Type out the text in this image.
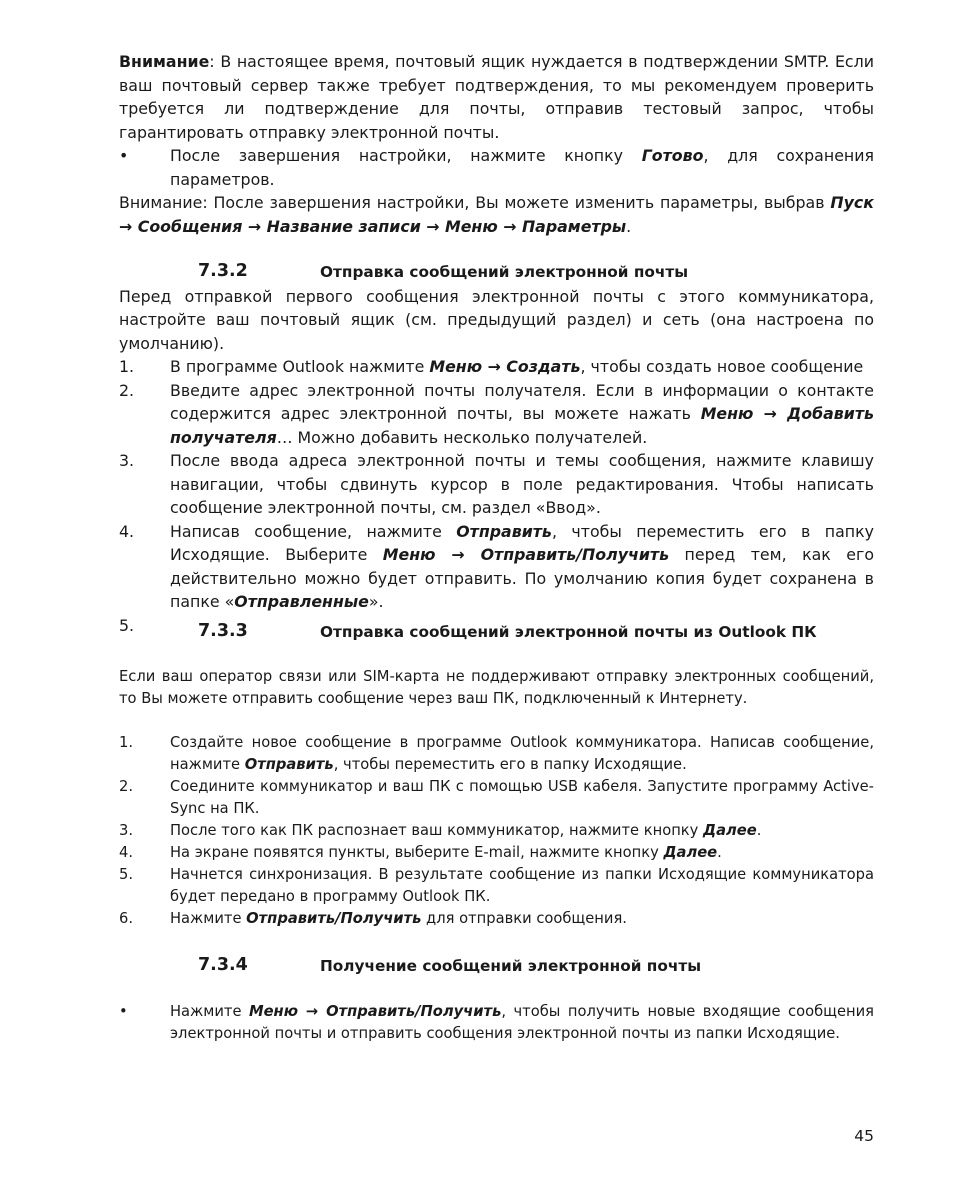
Внимание: В настоящее время, почтовый ящик нуждается в подтверждении SMTP. Если ваш почтовый сервер также требует подтверждения, то мы рекомендуем проверить требуется ли подтверждение для почты, отправив тестовый запрос, чтобы гарантировать отправку электронной почты.

•	После завершения настройки, нажмите кнопку Готово, для сохранения параметров.

Внимание: После завершения настройки, Вы можете изменить параметры, выбрав Пуск → Сообщения → Название записи → Меню → Параметры.

7.3.2	Отправка сообщений электронной почты

Перед отправкой первого сообщения электронной почты с этого коммуникатора, настройте ваш почтовый ящик (см. предыдущий раздел) и сеть (она настроена по умолчанию).

1. В программе Outlook нажмите Меню → Создать, чтобы создать новое сообщение
2. Введите адрес электронной почты получателя. Если в информации о контакте содержится адрес электронной почты, вы можете нажать Меню → Добавить получателя… Можно добавить несколько получателей.
3. После ввода адреса электронной почты и темы сообщения, нажмите клавишу навигации, чтобы сдвинуть курсор в поле редактирования. Чтобы написать сообщение электронной почты, см. раздел «Ввод».
4. Написав сообщение, нажмите Отправить, чтобы переместить его в папку Исходящие. Выберите Меню → Отправить/Получить перед тем, как его действительно можно будет отправить. По умолчанию копия будет сохранена в папке «Отправленные».
5.	7.3.3	Отправка сообщений электронной почты из Outlook ПК

Если ваш оператор связи или SIM-карта не поддерживают отправку электронных сообщений, то Вы можете отправить сообщение через ваш ПК, подключенный к Интернету.

1.	Создайте новое сообщение в программе Outlook коммуникатора. Написав сообщение, нажмите Отправить, чтобы переместить его в папку Исходящие.
2.	Соедините коммуникатор и ваш ПК с помощью USB кабеля. Запустите программу Active-Sync на ПК.
3.	После того как ПК распознает ваш коммуникатор, нажмите кнопку Далее.
4.	На экране появятся пункты, выберите E-mail, нажмите кнопку Далее.
5.	Начнется синхронизация. В результате сообщение из папки Исходящие коммуникатора будет передано в программу Outlook ПК.
6.	Нажмите Отправить/Получить для отправки сообщения.
7.3.4	Получение сообщений электронной почты
•	Нажмите Меню → Отправить/Получить, чтобы получить новые входящие сообщения электронной почты и отправить сообщения электронной почты из папки Исходящие.
45
